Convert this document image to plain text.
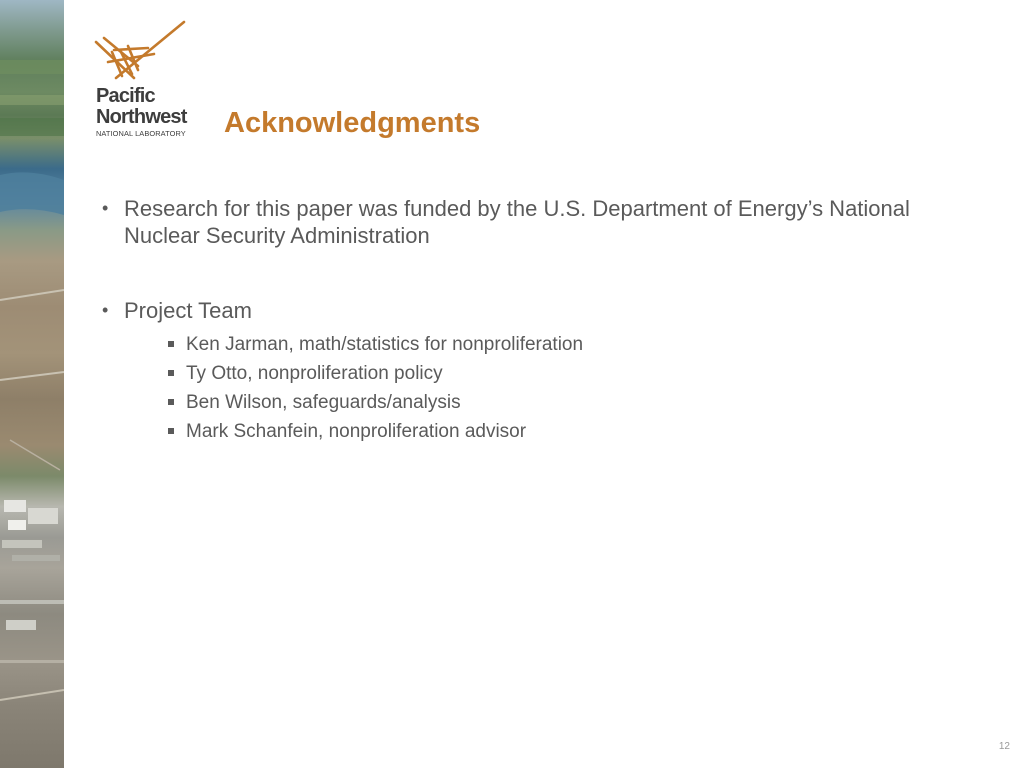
Pacific
Northwest
NATIONAL LABORATORY Acknowledgments
• Research for this paper was funded by the U.S. Department of Energy’s National Nuclear Security Administration
• Project Team
Ken Jarman, math/statistics for nonproliferation
Ty Otto, nonproliferation policy
Ben Wilson, safeguards/analysis
Mark Schanfein, nonproliferation advisor
12
